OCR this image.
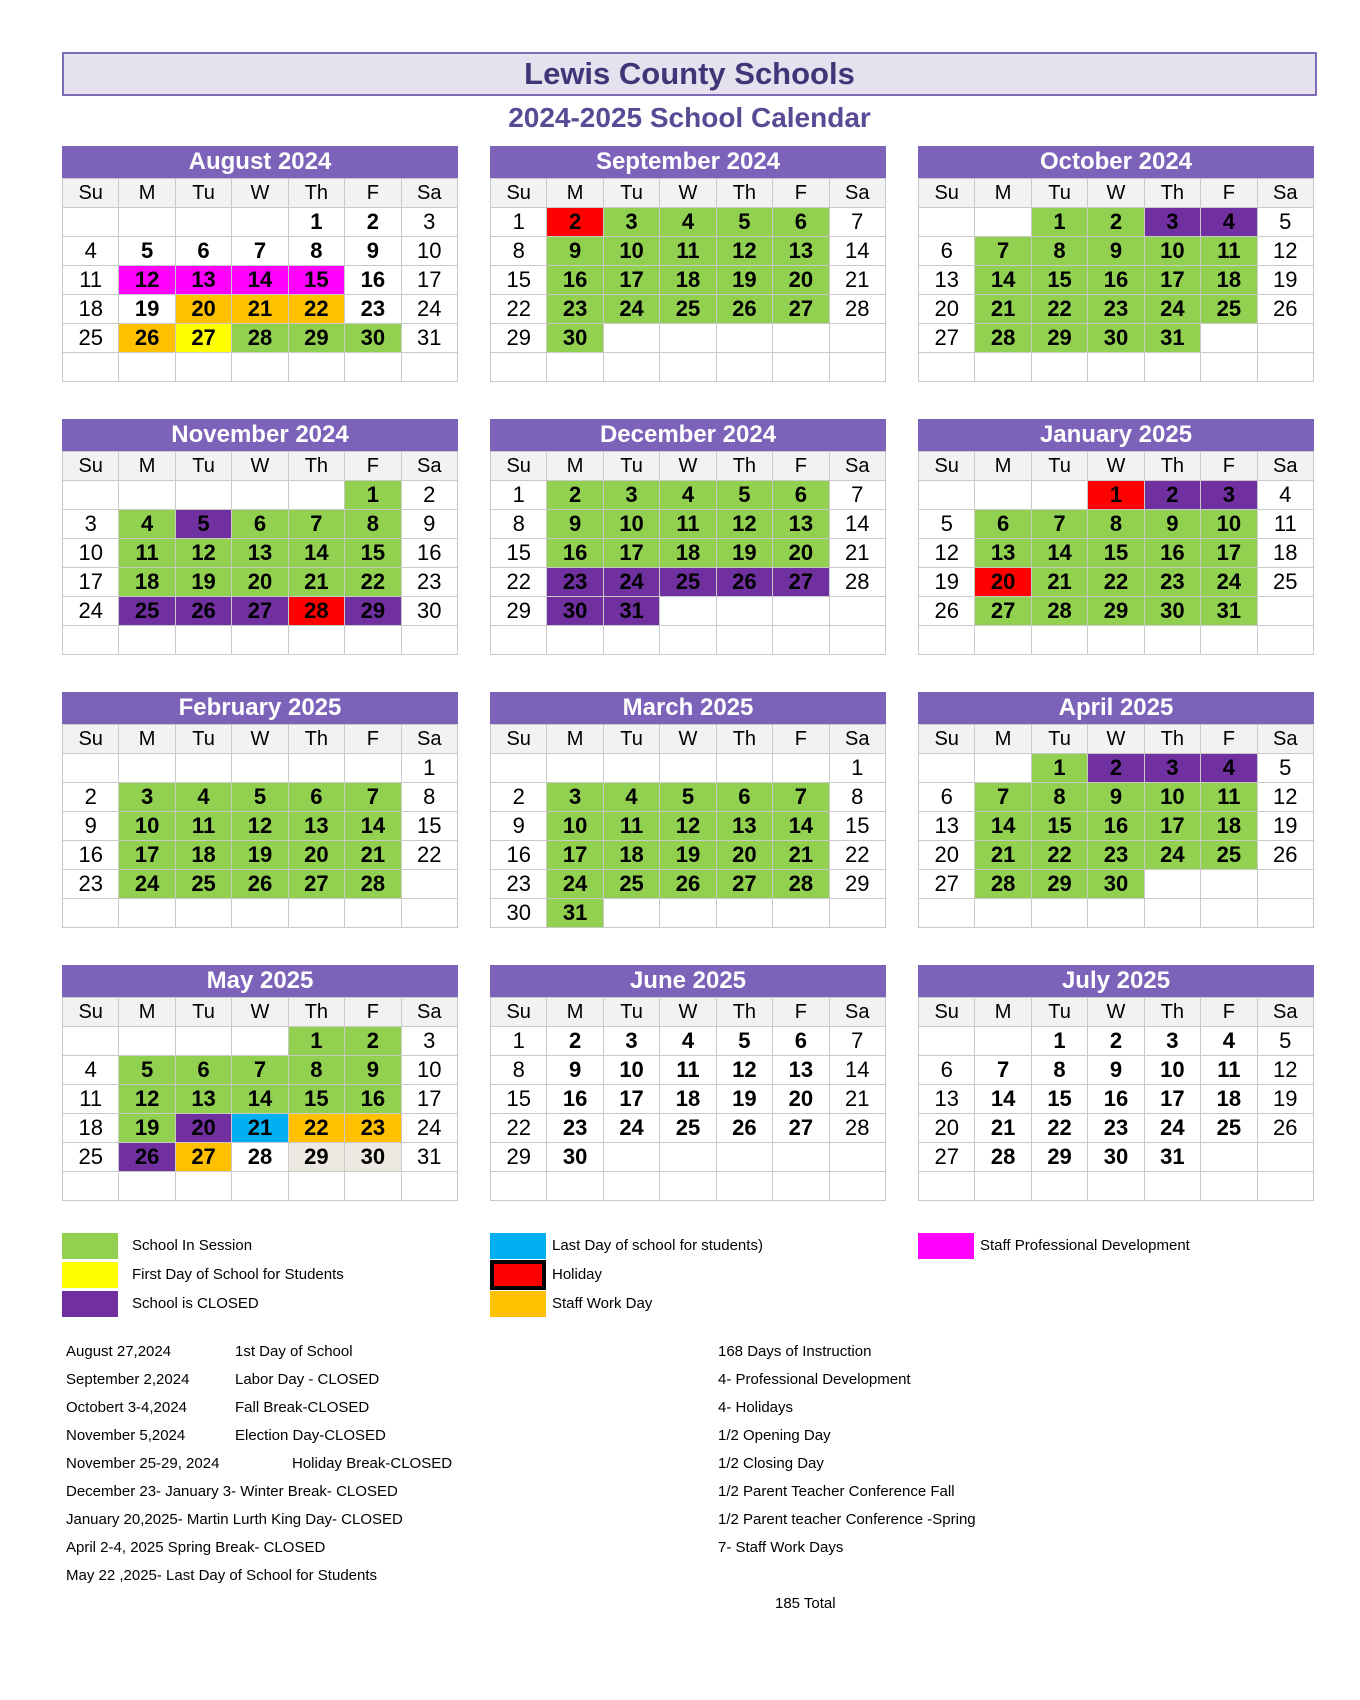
Lewis County Schools
2024-2025 School Calendar
August 2024
Su	M	Tu	W	Th	F	Sa
				1	2	3
4	5	6	7	8	9	10
11	12	13	14	15	16	17
18	19	20	21	22	23	24
25	26	27	28	29	30	31

September 2024
Su	M	Tu	W	Th	F	Sa
1	2	3	4	5	6	7
8	9	10	11	12	13	14
15	16	17	18	19	20	21
22	23	24	25	26	27	28
29	30					

October 2024
Su	M	Tu	W	Th	F	Sa
		1	2	3	4	5
6	7	8	9	10	11	12
13	14	15	16	17	18	19
20	21	22	23	24	25	26
27	28	29	30	31		

November 2024
Su	M	Tu	W	Th	F	Sa
					1	2
3	4	5	6	7	8	9
10	11	12	13	14	15	16
17	18	19	20	21	22	23
24	25	26	27	28	29	30

December 2024
Su	M	Tu	W	Th	F	Sa
1	2	3	4	5	6	7
8	9	10	11	12	13	14
15	16	17	18	19	20	21
22	23	24	25	26	27	28
29	30	31				

January 2025
Su	M	Tu	W	Th	F	Sa
			1	2	3	4
5	6	7	8	9	10	11
12	13	14	15	16	17	18
19	20	21	22	23	24	25
26	27	28	29	30	31	

February 2025
Su	M	Tu	W	Th	F	Sa
						1
2	3	4	5	6	7	8
9	10	11	12	13	14	15
16	17	18	19	20	21	22
23	24	25	26	27	28	

March 2025
Su	M	Tu	W	Th	F	Sa
						1
2	3	4	5	6	7	8
9	10	11	12	13	14	15
16	17	18	19	20	21	22
23	24	25	26	27	28	29
30	31					
April 2025
Su	M	Tu	W	Th	F	Sa
		1	2	3	4	5
6	7	8	9	10	11	12
13	14	15	16	17	18	19
20	21	22	23	24	25	26
27	28	29	30			

May 2025
Su	M	Tu	W	Th	F	Sa
				1	2	3
4	5	6	7	8	9	10
11	12	13	14	15	16	17
18	19	20	21	22	23	24
25	26	27	28	29	30	31

June 2025
Su	M	Tu	W	Th	F	Sa
1	2	3	4	5	6	7
8	9	10	11	12	13	14
15	16	17	18	19	20	21
22	23	24	25	26	27	28
29	30					

July 2025
Su	M	Tu	W	Th	F	Sa
		1	2	3	4	5
6	7	8	9	10	11	12
13	14	15	16	17	18	19
20	21	22	23	24	25	26
27	28	29	30	31		

School In Session
First Day of School for Students
School is CLOSED
Last Day of school for students)
Holiday
Staff Work Day
Staff Professional Development
August 27,2024	1st Day of School
September 2,2024	Labor Day - CLOSED
Octobert 3-4,2024	Fall Break-CLOSED
November 5,2024	Election Day-CLOSED
November 25-29, 2024	Holiday Break-CLOSED
December 23- January 3- Winter Break- CLOSED
January 20,2025- Martin Lurth King Day- CLOSED
April 2-4, 2025 Spring Break- CLOSED
May 22 ,2025- Last Day of School for Students
168 Days of Instruction
4- Professional Development
4- Holidays
1/2 Opening Day
1/2 Closing Day
1/2 Parent Teacher Conference Fall
1/2 Parent teacher Conference -Spring
7- Staff Work Days
185 Total
